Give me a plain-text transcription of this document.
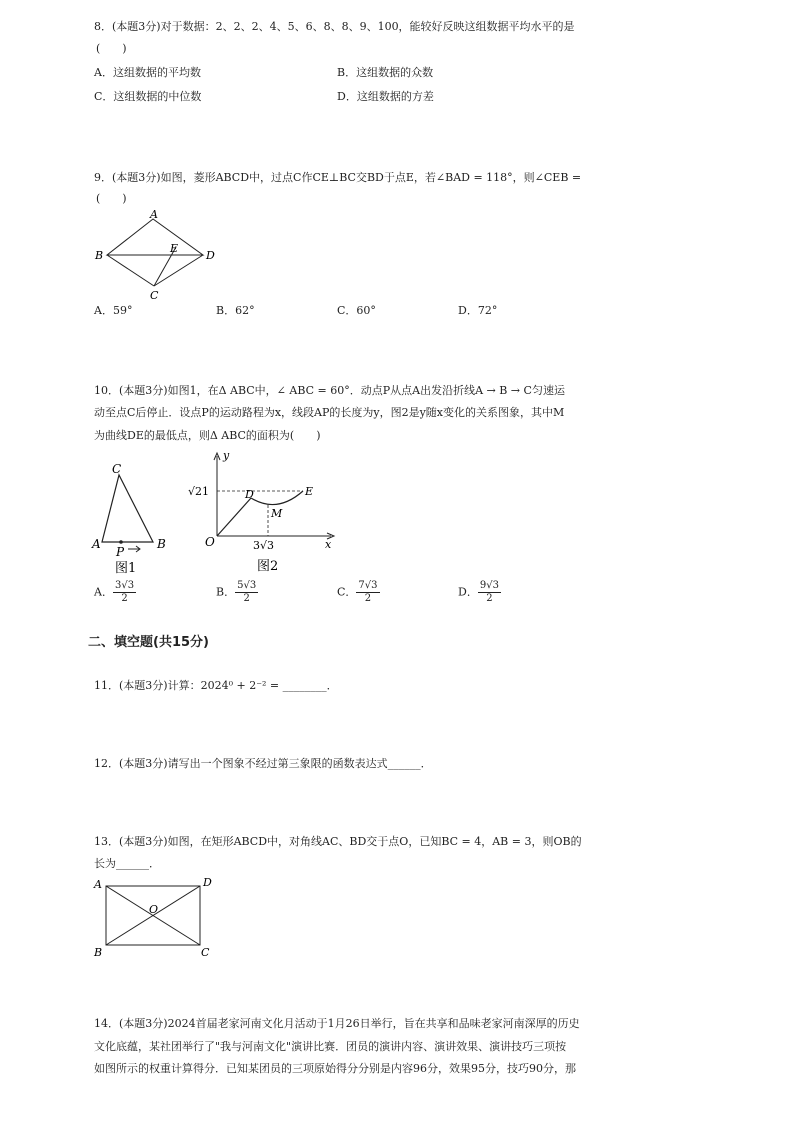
8．(本题3分)对于数据：2、2、2、4、5、6、8、8、9、100，能较好反映这组数据平均水平的是
(　　)
A．这组数据的平均数	B．这组数据的众数
C．这组数据的中位数	D．这组数据的方差
9．(本题3分)如图，菱形ABCD中，过点C作CE⊥BC交BD于点E，若∠BAD = 118°，则∠CEB =
(　　)
A
B	D
E
C
A．59°	B．62°	C．60°	D．72°
10．(本题3分)如图1，在Δ ABC中，∠ ABC = 60°．动点P从点A出发沿折线A → B → C匀速运
动至点C后停止．设点P的运动路程为x，线段AP的长度为y，图2是y随x变化的关系图象，其中M
为曲线DE的最低点，则Δ ABC的面积为(　　)
C
A	B
P
图1
y
x
O
D	E
M
√21
3√3
图2
A． $\frac{3√3}{2}$	B． $\frac{5√3}{2}$	C． $\frac{7√3}{2}$	D． $\frac{9√3}{2}$
二、填空题(共15分)
11．(本题3分)计算：2024⁰ + 2⁻² = ________．
12．(本题3分)请写出一个图象不经过第三象限的函数表达式______．
13．(本题3分)如图，在矩形ABCD中，对角线AC、BD交于点O，已知BC = 4，AB = 3，则OB的
长为______．
A	D
B	C
O
14．(本题3分)2024首届老家河南文化月活动于1月26日举行，旨在共享和品味老家河南深厚的历史
文化底蕴，某社团举行了"我与河南文化"演讲比赛．团员的演讲内容、演讲效果、演讲技巧三项按
如图所示的权重计算得分．已知某团员的三项原始得分分别是内容96分，效果95分，技巧90分，那
